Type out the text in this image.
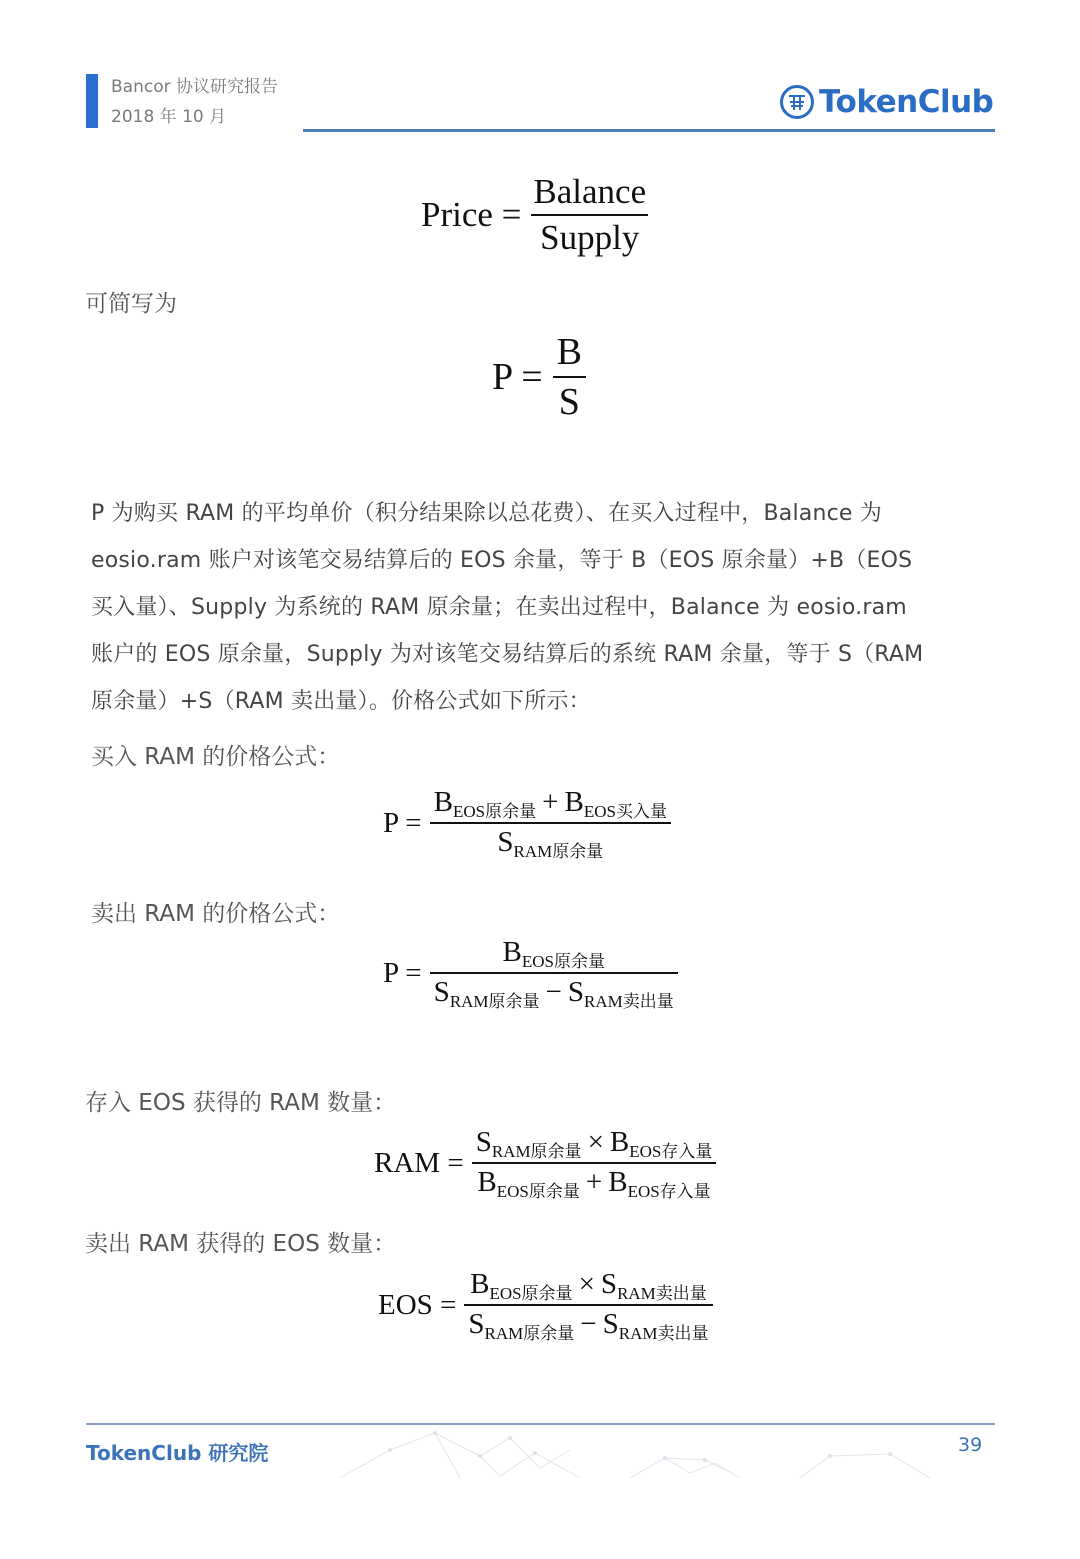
Bancor 协议研究报告
2018 年 10 月	TokenClub
Price = $\frac{\text{Balance}}{\text{Supply}}$
可简写为
$P = \frac{B}{S}$
P 为购买 RAM 的平均单价（积分结果除以总花费）、在买入过程中，Balance 为
eosio.ram 账户对该笔交易结算后的 EOS 余量，等于 B（EOS 原余量）+B（EOS
买入量）、Supply 为系统的 RAM 原余量；在卖出过程中，Balance 为 eosio.ram
账户的 EOS 原余量，Supply 为对该笔交易结算后的系统 RAM 余量，等于 S（RAM
原余量）+S（RAM 卖出量）。价格公式如下所示：
买入 RAM 的价格公式：
$P = \frac{B_{EOS原余量} + B_{EOS买入量}}{S_{RAM原余量}}$
卖出 RAM 的价格公式：
$P = \frac{B_{EOS原余量}}{S_{RAM原余量} - S_{RAM卖出量}}$
存入 EOS 获得的 RAM 数量：
RAM = $\frac{S_{RAM原余量} \times B_{EOS存入量}}{B_{EOS原余量} + B_{EOS存入量}}$
卖出 RAM 获得的 EOS 数量：
EOS = $\frac{B_{EOS原余量} \times S_{RAM卖出量}}{S_{RAM原余量} - S_{RAM卖出量}}$
TokenClub 研究院	39
